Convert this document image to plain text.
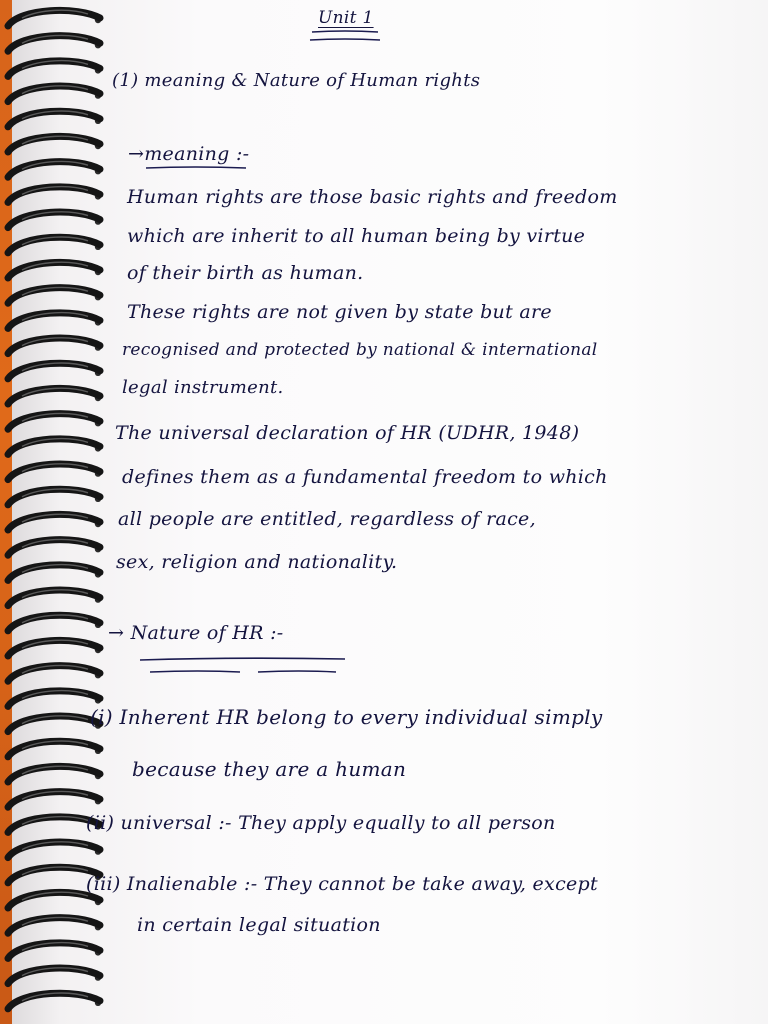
Unit 1
(1) meaning & Nature of Human rights
→meaning :-
Human rights are those basic rights and freedom
which are inherit to all human being by virtue
of their birth as human.
These rights are not given by state but are
recognised and protected by national & international
legal instrument.
The universal declaration of HR (UDHR, 1948)
defines them as a fundamental freedom to which
all people are entitled, regardless of race,
sex, religion and nationality.
→ Nature of HR :-
(i) Inherent HR belong to every individual simply
because they are a human
(ii) universal :- They apply equally to all person
(iii) Inalienable :- They cannot be take away, except
in certain legal situation
